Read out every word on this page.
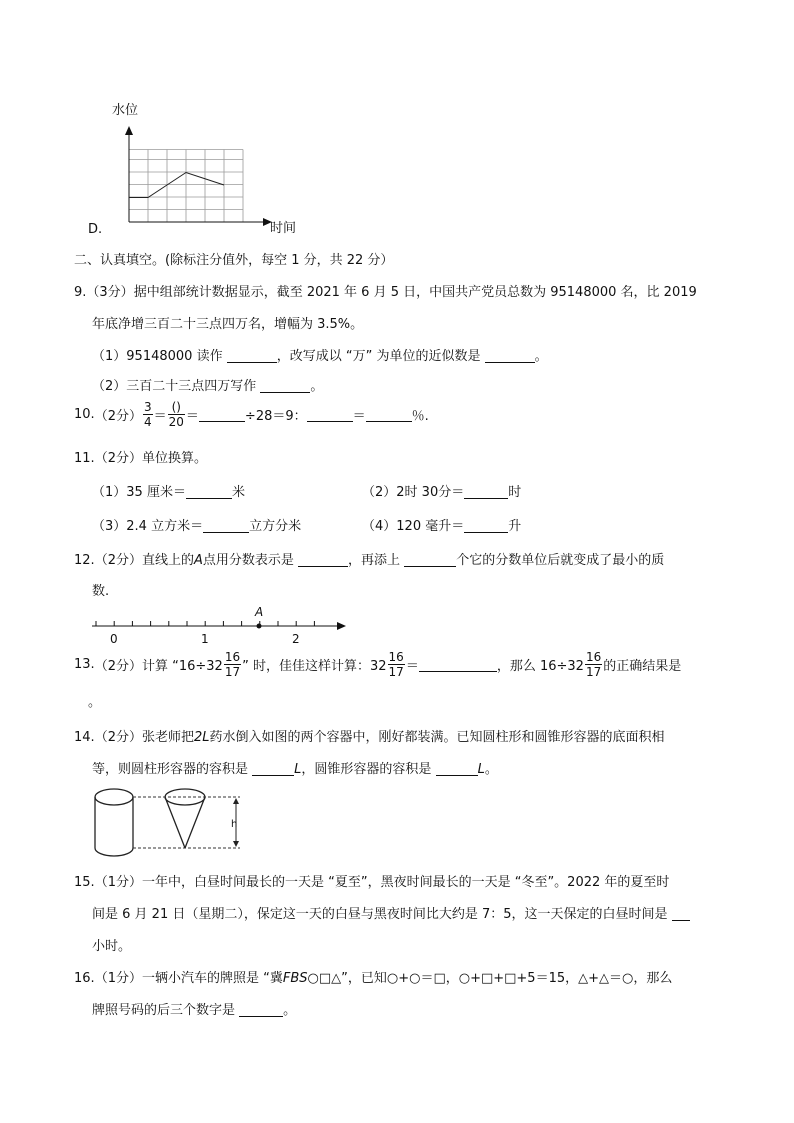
D.
水位
时间
二、认真填空。(除标注分值外，每空 1 分，共 22 分）
9.（3分）据中组部统计数据显示，截至 2021 年 6 月 5 日，中国共产党员总数为 95148000 名，比 2019
年底净增三百二十三点四万名，增幅为 3.5%。
（1）95148000 读作	，改写成以 “万” 为单位的近似数是	。
（2）三百二十三点四万写作	。
10. （2分） $\frac{3}{4} = \frac{()}{20}$ ＝	÷28＝9：	＝	％.
11.（2分）单位换算。
（1）35 厘米＝	米	（2）2时 30分＝	时
（3）2.4 立方米＝	立方分米	（4）120 毫升＝	升
12.（2分）直线上的A点用分数表示是	，再添上	个它的分数单位后就变成了最小的质
数.
A
0	1	2
13. （2分） 计算 “$16\div 32 \frac{16}{17}$ ” 时，佳佳这样计算：$32 \frac{16}{17}$ ＝	，那么 $16\div 32 \frac{16}{17}$ 的正确结果是
。
14.（2分）张老师把2L药水倒入如图的两个容器中，刚好都装满。已知圆柱形和圆锥形容器的底面积相
等，则圆柱形容器的容积是	L，圆锥形容器的容积是	L。
h
15.（1分）一年中，白昼时间最长的一天是 “夏至”，黑夜时间最长的一天是 “冬至”。2022 年的夏至时
间是 6 月 21 日（星期二），保定这一天的白昼与黑夜时间比大约是 7：5，这一天保定的白昼时间是
小时。
16.（1分）一辆小汽车的牌照是 “冀FBS○□△”，已知○+○＝□，○+□+□+5＝15，△+△＝○，那么
牌照号码的后三个数字是	。
